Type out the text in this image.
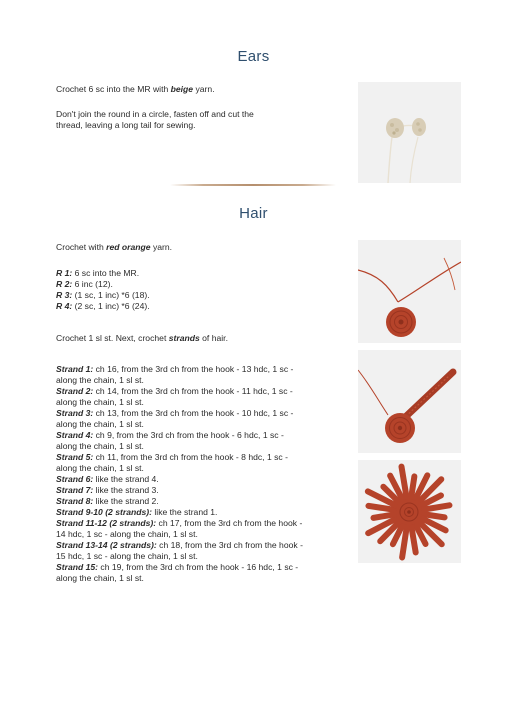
Ears

Crochet 6 sc into the MR with beige yarn.

Don't join the round in a circle, fasten off and cut the
thread, leaving a long tail for sewing.

Hair

Crochet with red orange yarn.

R 1: 6 sc into the MR.
R 2: 6 inc (12).
R 3: (1 sc, 1 inc) *6 (18).
R 4: (2 sc, 1 inc) *6 (24).

Crochet 1 sl st. Next, crochet strands of hair.

Strand 1: ch 16, from the 3rd ch from the hook - 13 hdc, 1 sc -
along the chain, 1 sl st.
Strand 2: ch 14, from the 3rd ch from the hook - 11 hdc, 1 sc -
along the chain, 1 sl st.
Strand 3: ch 13, from the 3rd ch from the hook - 10 hdc, 1 sc -
along the chain, 1 sl st.
Strand 4: ch 9, from the 3rd ch from the hook - 6 hdc, 1 sc -
along the chain, 1 sl st.
Strand 5: ch 11, from the 3rd ch from the hook - 8 hdc, 1 sc -
along the chain, 1 sl st.
Strand 6: like the strand 4.
Strand 7: like the strand 3.
Strand 8: like the strand 2.
Strand 9-10 (2 strands): like the strand 1.
Strand 11-12 (2 strands): ch 17, from the 3rd ch from the hook -
14 hdc, 1 sc - along the chain, 1 sl st.
Strand 13-14 (2 strands): ch 18, from the 3rd ch from the hook -
15 hdc, 1 sc - along the chain, 1 sl st.
Strand 15: ch 19, from the 3rd ch from the hook - 16 hdc, 1 sc -
along the chain, 1 sl st.
